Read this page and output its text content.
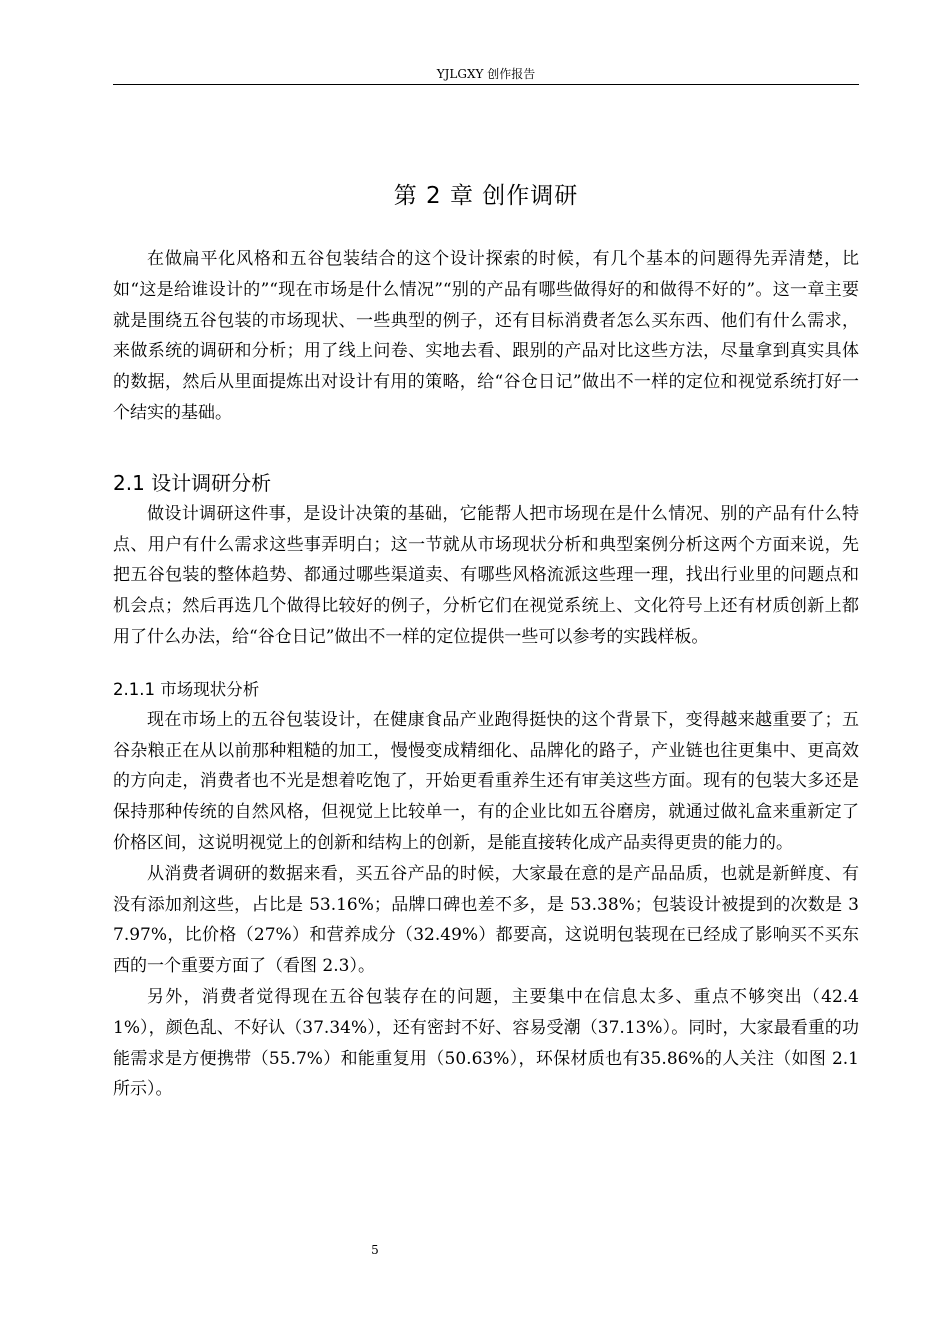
YJLGXY 创作报告
第 2 章 创作调研

在做扁平化风格和五谷包装结合的这个设计探索的时候，有几个基本的问题得先弄清楚，比如“这是给谁设计的”“现在市场是什么情况”“别的产品有哪些做得好的和做得不好的”。这一章主要就是围绕五谷包装的市场现状、一些典型的例子，还有目标消费者怎么买东西、他们有什么需求，来做系统的调研和分析；用了线上问卷、实地去看、跟别的产品对比这些方法，尽量拿到真实具体的数据，然后从里面提炼出对设计有用的策略，给“谷仓日记”做出不一样的定位和视觉系统打好一个结实的基础。

2.1 设计调研分析

做设计调研这件事，是设计决策的基础，它能帮人把市场现在是什么情况、别的产品有什么特点、用户有什么需求这些事弄明白；这一节就从市场现状分析和典型案例分析这两个方面来说，先把五谷包装的整体趋势、都通过哪些渠道卖、有哪些风格流派这些理一理，找出行业里的问题点和机会点；然后再选几个做得比较好的例子，分析它们在视觉系统上、文化符号上还有材质创新上都用了什么办法，给“谷仓日记”做出不一样的定位提供一些可以参考的实践样板。

2.1.1 市场现状分析

现在市场上的五谷包装设计，在健康食品产业跑得挺快的这个背景下，变得越来越重要了；五谷杂粮正在从以前那种粗糙的加工，慢慢变成精细化、品牌化的路子，产业链也往更集中、更高效的方向走，消费者也不光是想着吃饱了，开始更看重养生还有审美这些方面。现有的包装大多还是保持那种传统的自然风格，但视觉上比较单一，有的企业比如五谷磨房，就通过做礼盒来重新定了价格区间，这说明视觉上的创新和结构上的创新，是能直接转化成产品卖得更贵的能力的。

从消费者调研的数据来看，买五谷产品的时候，大家最在意的是产品品质，也就是新鲜度、有没有添加剂这些，占比是 53.16%；品牌口碑也差不多，是 53.38%；包装设计被提到的次数是 37.97%，比价格（27%）和营养成分（32.49%）都要高，这说明包装现在已经成了影响买不买东西的一个重要方面了（看图 2.3）。

另外，消费者觉得现在五谷包装存在的问题，主要集中在信息太多、重点不够突出（42.41%），颜色乱、不好认（37.34%），还有密封不好、容易受潮（37.13%）。同时，大家最看重的功能需求是方便携带（55.7%）和能重复用（50.63%），环保材质也有35.86%的人关注（如图 2.1 所示）。

5
